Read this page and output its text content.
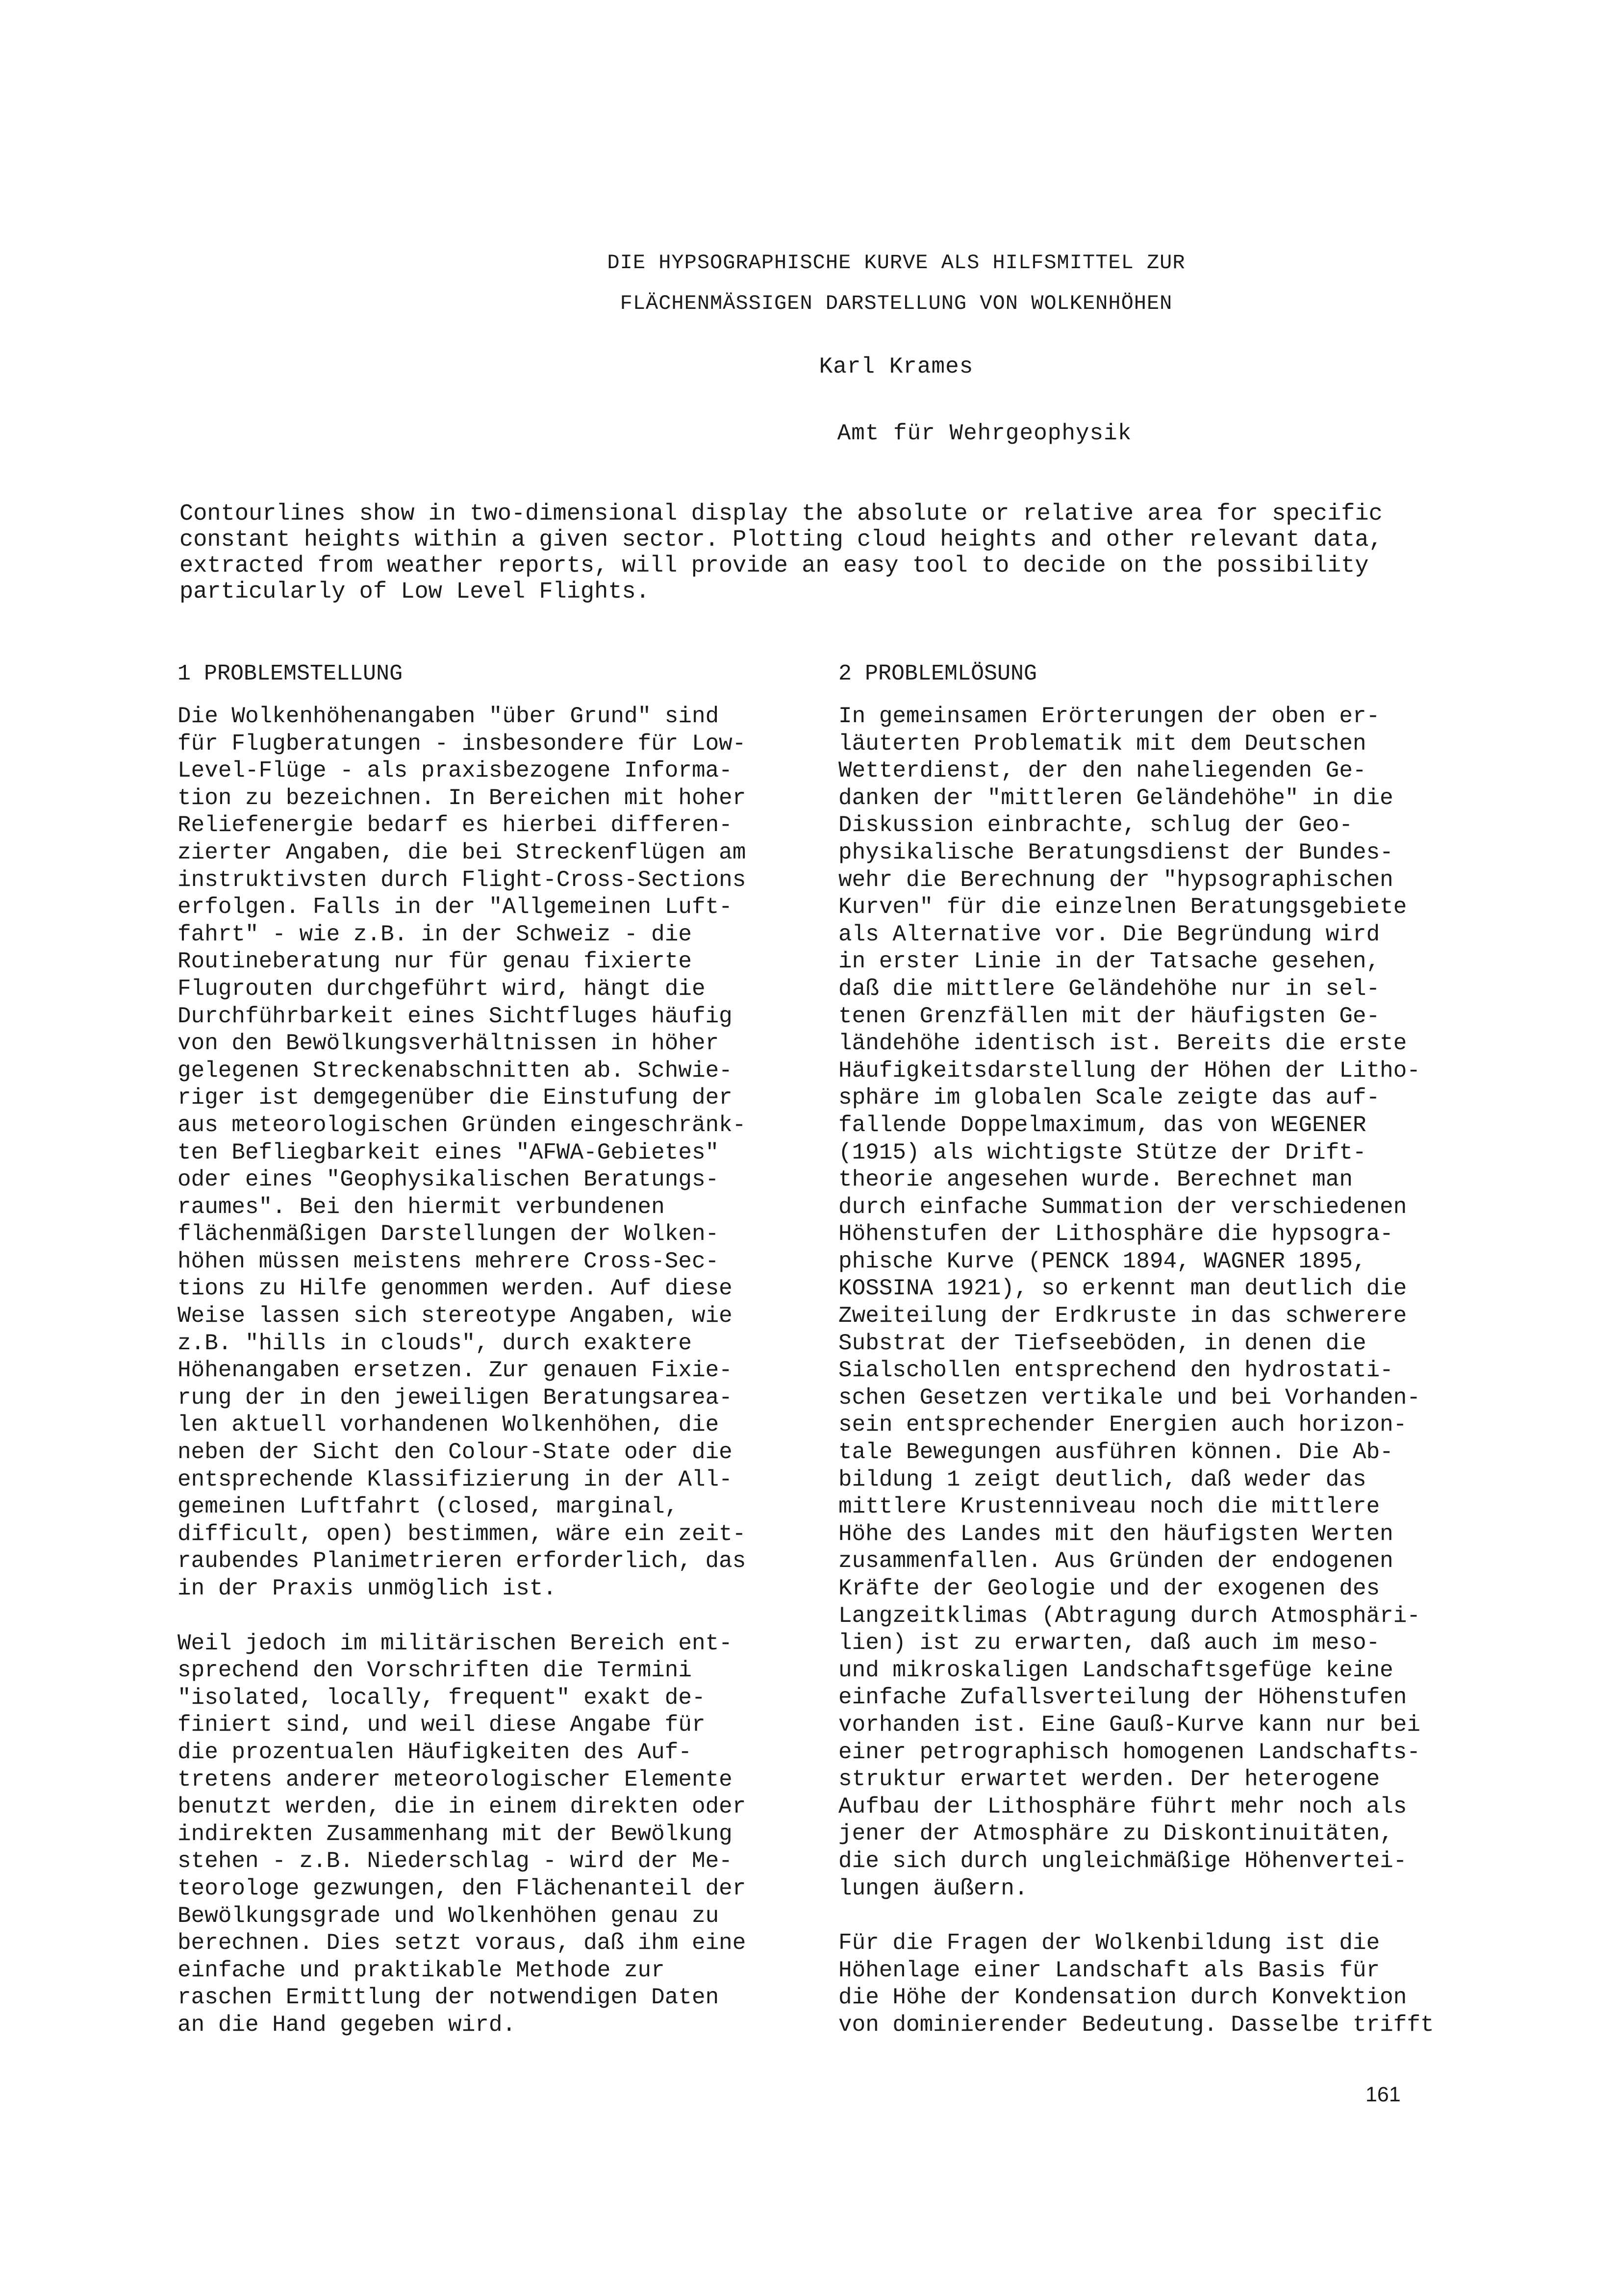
DIE HYPSOGRAPHISCHE KURVE ALS HILFSMITTEL ZUR
FLÄCHENMÄSSIGEN DARSTELLUNG VON WOLKENHÖHEN
Karl Krames
Amt für Wehrgeophysik
Contourlines show in two-dimensional display the absolute or relative area for specific
constant heights within a given sector. Plotting cloud heights and other relevant data,
extracted from weather reports, will provide an easy tool to decide on the possibility
particularly of Low Level Flights.
1 PROBLEMSTELLUNG

Die Wolkenhöhenangaben "über Grund" sind
für Flugberatungen - insbesondere für Low-
Level-Flüge - als praxisbezogene Informa-
tion zu bezeichnen. In Bereichen mit hoher
Reliefenergie bedarf es hierbei differen-
zierter Angaben, die bei Streckenflügen am
instruktivsten durch Flight-Cross-Sections
erfolgen. Falls in der "Allgemeinen Luft-
fahrt" - wie z.B. in der Schweiz - die
Routineberatung nur für genau fixierte
Flugrouten durchgeführt wird, hängt die
Durchführbarkeit eines Sichtfluges häufig
von den Bewölkungsverhältnissen in höher
gelegenen Streckenabschnitten ab. Schwie-
riger ist demgegenüber die Einstufung der
aus meteorologischen Gründen eingeschränk-
ten Befliegbarkeit eines "AFWA-Gebietes"
oder eines "Geophysikalischen Beratungs-
raumes". Bei den hiermit verbundenen
flächenmäßigen Darstellungen der Wolken-
höhen müssen meistens mehrere Cross-Sec-
tions zu Hilfe genommen werden. Auf diese
Weise lassen sich stereotype Angaben, wie
z.B. "hills in clouds", durch exaktere
Höhenangaben ersetzen. Zur genauen Fixie-
rung der in den jeweiligen Beratungsarea-
len aktuell vorhandenen Wolkenhöhen, die
neben der Sicht den Colour-State oder die
entsprechende Klassifizierung in der All-
gemeinen Luftfahrt (closed, marginal,
difficult, open) bestimmen, wäre ein zeit-
raubendes Planimetrieren erforderlich, das
in der Praxis unmöglich ist.

Weil jedoch im militärischen Bereich ent-
sprechend den Vorschriften die Termini
"isolated, locally, frequent" exakt de-
finiert sind, und weil diese Angabe für
die prozentualen Häufigkeiten des Auf-
tretens anderer meteorologischer Elemente
benutzt werden, die in einem direkten oder
indirekten Zusammenhang mit der Bewölkung
stehen - z.B. Niederschlag - wird der Me-
teorologe gezwungen, den Flächenanteil der
Bewölkungsgrade und Wolkenhöhen genau zu
berechnen. Dies setzt voraus, daß ihm eine
einfache und praktikable Methode zur
raschen Ermittlung der notwendigen Daten
an die Hand gegeben wird.

2 PROBLEMLÖSUNG

In gemeinsamen Erörterungen der oben er-
läuterten Problematik mit dem Deutschen
Wetterdienst, der den naheliegenden Ge-
danken der "mittleren Geländehöhe" in die
Diskussion einbrachte, schlug der Geo-
physikalische Beratungsdienst der Bundes-
wehr die Berechnung der "hypsographischen
Kurven" für die einzelnen Beratungsgebiete
als Alternative vor. Die Begründung wird
in erster Linie in der Tatsache gesehen,
daß die mittlere Geländehöhe nur in sel-
tenen Grenzfällen mit der häufigsten Ge-
ländehöhe identisch ist. Bereits die erste
Häufigkeitsdarstellung der Höhen der Litho-
sphäre im globalen Scale zeigte das auf-
fallende Doppelmaximum, das von WEGENER
(1915) als wichtigste Stütze der Drift-
theorie angesehen wurde. Berechnet man
durch einfache Summation der verschiedenen
Höhenstufen der Lithosphäre die hypsogra-
phische Kurve (PENCK 1894, WAGNER 1895,
KOSSINA 1921), so erkennt man deutlich die
Zweiteilung der Erdkruste in das schwerere
Substrat der Tiefseeböden, in denen die
Sialschollen entsprechend den hydrostati-
schen Gesetzen vertikale und bei Vorhanden-
sein entsprechender Energien auch horizon-
tale Bewegungen ausführen können. Die Ab-
bildung 1 zeigt deutlich, daß weder das
mittlere Krustenniveau noch die mittlere
Höhe des Landes mit den häufigsten Werten
zusammenfallen. Aus Gründen der endogenen
Kräfte der Geologie und der exogenen des
Langzeitklimas (Abtragung durch Atmosphäri-
lien) ist zu erwarten, daß auch im meso-
und mikroskaligen Landschaftsgefüge keine
einfache Zufallsverteilung der Höhenstufen
vorhanden ist. Eine Gauß-Kurve kann nur bei
einer petrographisch homogenen Landschafts-
struktur erwartet werden. Der heterogene
Aufbau der Lithosphäre führt mehr noch als
jener der Atmosphäre zu Diskontinuitäten,
die sich durch ungleichmäßige Höhenvertei-
lungen äußern.

Für die Fragen der Wolkenbildung ist die
Höhenlage einer Landschaft als Basis für
die Höhe der Kondensation durch Konvektion
von dominierender Bedeutung. Dasselbe trifft

161
